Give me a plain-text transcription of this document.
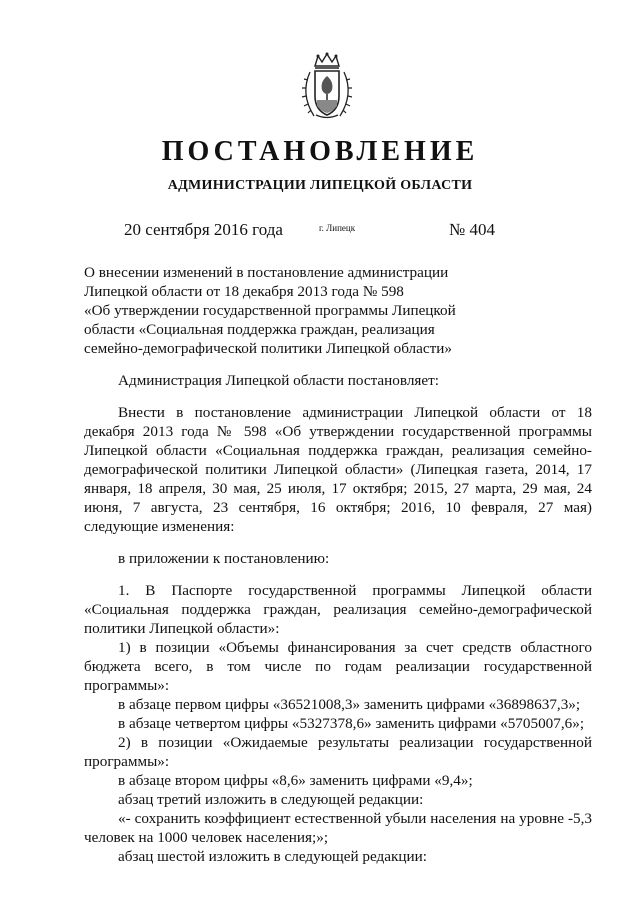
ПОСТАНОВЛЕНИЕ
АДМИНИСТРАЦИИ ЛИПЕЦКОЙ ОБЛАСТИ
20 сентября 2016 года	г. Липецк	№ 404
О внесении изменений в постановление администрации
Липецкой области от 18 декабря 2013 года № 598
«Об утверждении государственной программы Липецкой
области «Социальная поддержка граждан, реализация
семейно-демографической политики Липецкой области»

Администрация Липецкой области постановляет:

Внести в постановление администрации Липецкой области от 18 декабря 2013 года № 598 «Об утверждении государственной программы Липецкой области «Социальная поддержка граждан, реализация семейно-демографической политики Липецкой области» (Липецкая газета, 2014, 17 января, 18 апреля, 30 мая, 25 июля, 17 октября; 2015, 27 марта, 29 мая, 24 июня, 7 августа, 23 сентября, 16 октября; 2016, 10 февраля, 27 мая) следующие изменения:

в приложении к постановлению:

1. В Паспорте государственной программы Липецкой области «Социальная поддержка граждан, реализация семейно-демографической политики Липецкой области»:

1) в позиции «Объемы финансирования за счет средств областного бюджета всего, в том числе по годам реализации государственной программы»:

в абзаце первом цифры «36521008,3» заменить цифрами «36898637,3»;

в абзаце четвертом цифры «5327378,6» заменить цифрами «5705007,6»;

2) в позиции «Ожидаемые результаты реализации государственной программы»:

в абзаце втором цифры «8,6» заменить цифрами «9,4»;

абзац третий изложить в следующей редакции:

«- сохранить коэффициент естественной убыли населения на уровне -5,3 человек на 1000 человек населения;»;

абзац шестой изложить в следующей редакции:
